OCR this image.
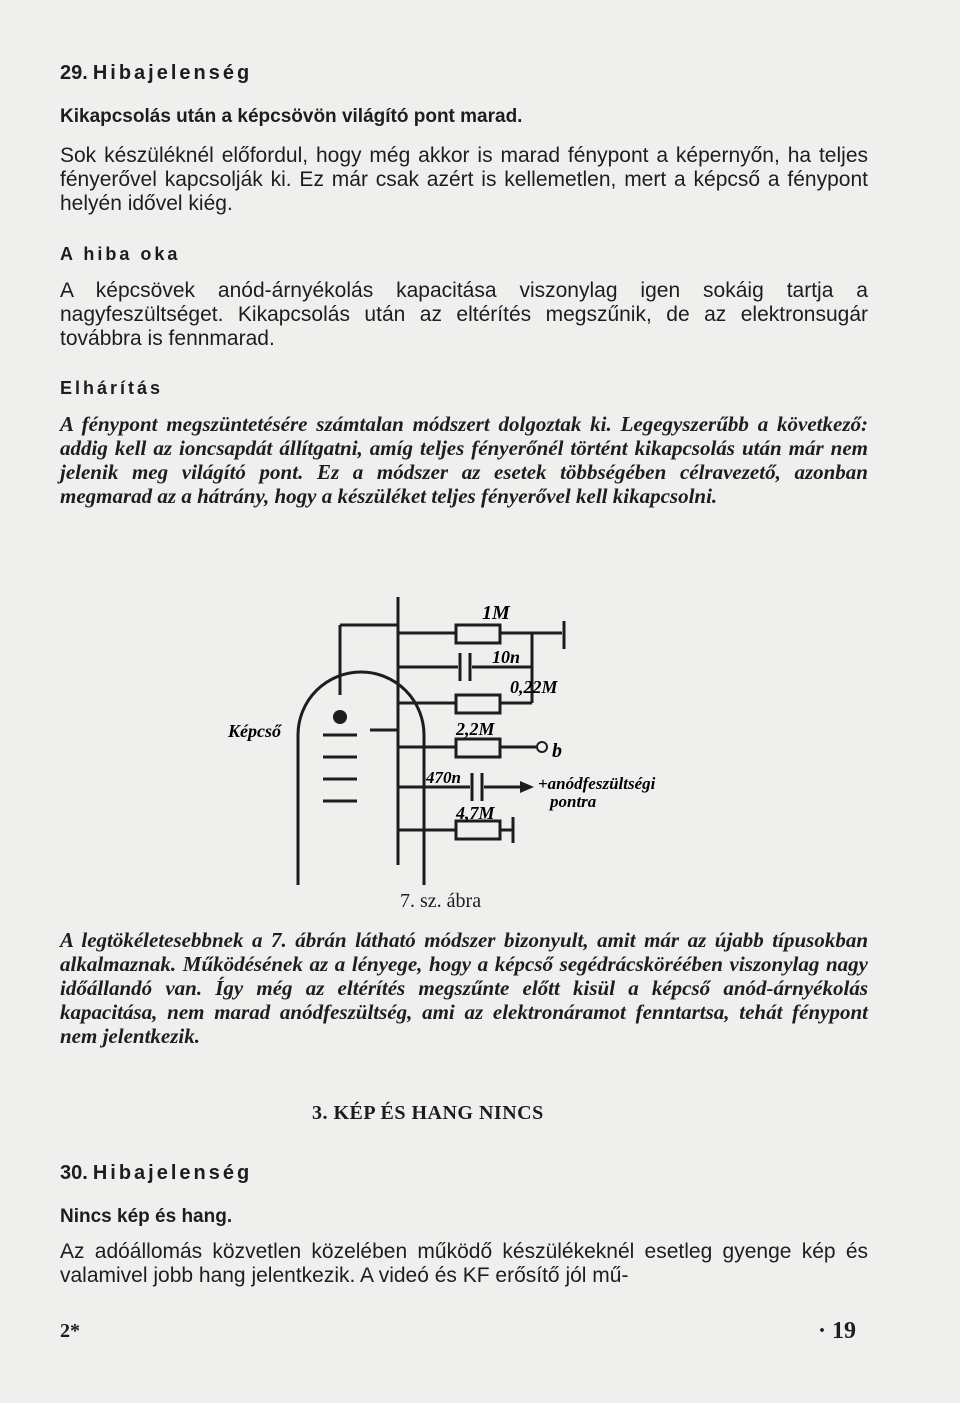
29. Hibajelenség
Kikapcsolás után a képcsövön világító pont marad.

Sok készüléknél előfordul, hogy még akkor is marad fénypont a képernyőn, ha teljes fényerővel kapcsolják ki. Ez már csak azért is kellemetlen, mert a képcső a fénypont helyén idővel kiég.

A hiba oka

A képcsövek anód-árnyékolás kapacitása viszonylag igen sokáig tartja a nagyfeszültséget. Kikapcsolás után az eltérítés megszűnik, de az elektronsugár továbbra is fennmarad.

Elhárítás

A fénypont megszüntetésére számtalan módszert dolgoztak ki. Legegyszerűbb a következő: addig kell az ioncsapdát állítgatni, amíg teljes fényerőnél történt kikapcsolás után már nem jelenik meg világító pont. Ez a módszer az esetek többségében célravezető, azonban megmarad az a hátrány, hogy a készüléket teljes fényerővel kell kikapcsolni.

Képcső
1M
10n
0,22M
2,2M
470n
4,7M
b
+anódfeszültségi
pontra
7. sz. ábra

A legtökéletesebbnek a 7. ábrán látható módszer bizonyult, amit már az újabb típusokban alkalmaznak. Működésének az a lényege, hogy a képcső segédrácsköréében viszonylag nagy időállandó van. Így még az eltérítés megszűnte előtt kisül a képcső anód-árnyékolás kapacitása, nem marad anódfeszültség, ami az elektronáramot fenntartsa, tehát fénypont nem jelentkezik.

3. KÉP ÉS HANG NINCS
30. Hibajelenség
Nincs kép és hang.

Az adóállomás közvetlen közelében működő készülékeknél esetleg gyenge kép és valamivel jobb hang jelentkezik. A videó és KF erősítő jól mű-

2*	· 19
